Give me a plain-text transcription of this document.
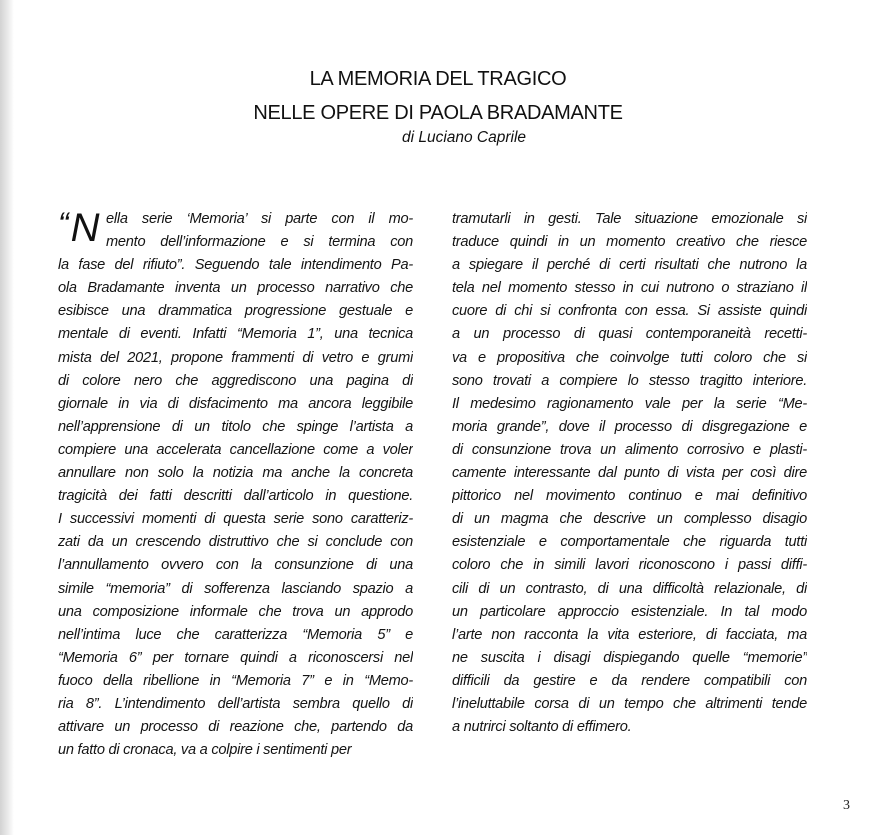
LA MEMORIA DEL TRAGICO
NELLE OPERE DI PAOLA BRADAMANTE
di Luciano Caprile
“N ella serie ‘Memoria’ si parte con il mo-
mento dell’informazione e si termina con
la fase del rifiuto”. Seguendo tale intendimento Pa-
ola Bradamante inventa un processo narrativo che
esibisce una drammatica progressione gestuale e
mentale di eventi. Infatti “Memoria 1”, una tecnica
mista del 2021, propone frammenti di vetro e grumi
di colore nero che aggrediscono una pagina di
giornale in via di disfacimento ma ancora leggibile
nell’apprensione di un titolo che spinge l’artista a
compiere una accelerata cancellazione come a voler
annullare non solo la notizia ma anche la concreta
tragicità dei fatti descritti dall’articolo in questione.
I successivi momenti di questa serie sono caratteriz-
zati da un crescendo distruttivo che si conclude con
l’annullamento ovvero con la consunzione di una
simile “memoria” di sofferenza lasciando spazio a
una composizione informale che trova un approdo
nell’intima luce che caratterizza “Memoria 5” e
“Memoria 6” per tornare quindi a riconoscersi nel
fuoco della ribellione in “Memoria 7” e in “Memo-
ria 8”. L’intendimento dell’artista sembra quello di
attivare un processo di reazione che, partendo da
un fatto di cronaca, va a colpire i sentimenti per
tramutarli in gesti. Tale situazione emozionale si
traduce quindi in un momento creativo che riesce
a spiegare il perché di certi risultati che nutrono la
tela nel momento stesso in cui nutrono o straziano il
cuore di chi si confronta con essa. Si assiste quindi
a un processo di quasi contemporaneità recetti-
va e propositiva che coinvolge tutti coloro che si
sono trovati a compiere lo stesso tragitto interiore.
Il medesimo ragionamento vale per la serie “Me-
moria grande”, dove il processo di disgregazione e
di consunzione trova un alimento corrosivo e plasti-
camente interessante dal punto di vista per così dire
pittorico nel movimento continuo e mai definitivo
di un magma che descrive un complesso disagio
esistenziale e comportamentale che riguarda tutti
coloro che in simili lavori riconoscono i passi diffi-
cili di un contrasto, di una difficoltà relazionale, di
un particolare approccio esistenziale. In tal modo
l’arte non racconta la vita esteriore, di facciata, ma
ne suscita i disagi dispiegando quelle “memorie”
difficili da gestire e da rendere compatibili con
l’ineluttabile corsa di un tempo che altrimenti tende
a nutrirci soltanto di effimero.
3
